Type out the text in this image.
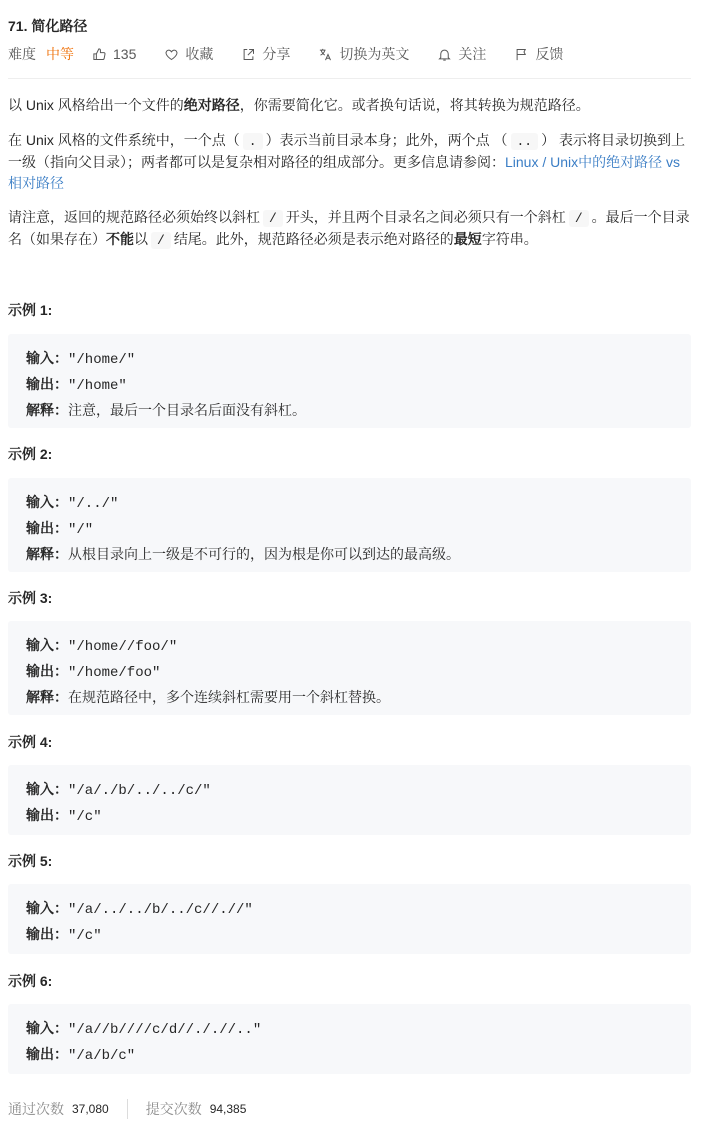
71. 简化路径
难度 中等	135	收藏	分享	切换为英文	关注	反馈
以 Unix 风格给出一个文件的绝对路径，你需要简化它。或者换句话说，将其转换为规范路径。
在 Unix 风格的文件系统中，一个点（ . ）表示当前目录本身；此外，两个点 （ .. ） 表示将目录切换到上一级（指向父目录）；两者都可以是复杂相对路径的组成部分。更多信息请参阅：Linux / Unix中的绝对路径 vs 相对路径
请注意，返回的规范路径必须始终以斜杠 / 开头，并且两个目录名之间必须只有一个斜杠 / 。最后一个目录名（如果存在）不能以 / 结尾。此外，规范路径必须是表示绝对路径的最短字符串。
示例 1:
输入："/home/"
输出："/home"
解释：注意，最后一个目录名后面没有斜杠。
示例 2:
输入："/../"
输出："/"
解释：从根目录向上一级是不可行的，因为根是你可以到达的最高级。
示例 3:
输入："/home//foo/"
输出："/home/foo"
解释：在规范路径中，多个连续斜杠需要用一个斜杠替换。
示例 4:
输入："/a/./b/../../c/"
输出："/c"
示例 5:
输入："/a/../../b/../c//.//"
输出："/c"
示例 6:
输入："/a//b////c/d//././/.."
输出："/a/b/c"
通过次数 37,080	提交次数 94,385
